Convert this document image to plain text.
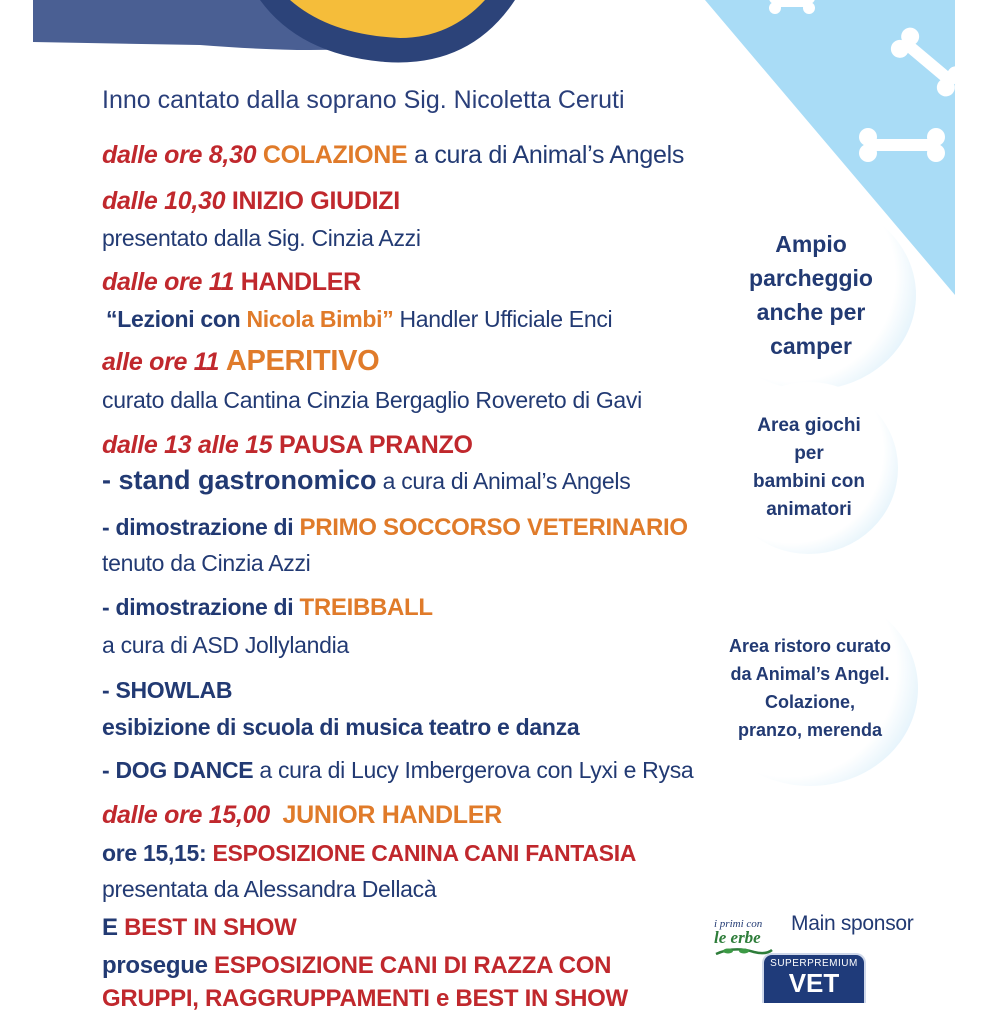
Inno cantato dalla soprano Sig. Nicoletta Ceruti
dalle ore 8,30 COLAZIONE a cura di Animal’s Angels
dalle 10,30 INIZIO GIUDIZI
presentato dalla Sig. Cinzia Azzi
dalle ore 11 HANDLER
“Lezioni con Nicola Bimbi” Handler Ufficiale Enci
alle ore 11 APERITIVO
curato dalla Cantina Cinzia Bergaglio Rovereto di Gavi
dalle 13 alle 15 PAUSA PRANZO
- stand gastronomico a cura di Animal’s Angels
- dimostrazione di PRIMO SOCCORSO VETERINARIO
tenuto da Cinzia Azzi
- dimostrazione di TREIBBALL
a cura di ASD Jollylandia
- SHOWLAB
esibizione di scuola di musica teatro e danza
- DOG DANCE a cura di Lucy Imbergerova con Lyxi e Rysa
dalle ore 15,00 JUNIOR HANDLER
ore 15,15: ESPOSIZIONE CANINA CANI FANTASIA
presentata da Alessandra Dellacà
E BEST IN SHOW
prosegue ESPOSIZIONE CANI DI RAZZA CON
GRUPPI, RAGGRUPPAMENTI e BEST IN SHOW
Ampio
parcheggio
anche per
camper
Area giochi
per
bambini con
animatori
Area ristoro curato
da Animal’s Angel.
Colazione,
pranzo, merenda
i primi con
le erbe
Main sponsor
SUPERPREMIUM
VET
